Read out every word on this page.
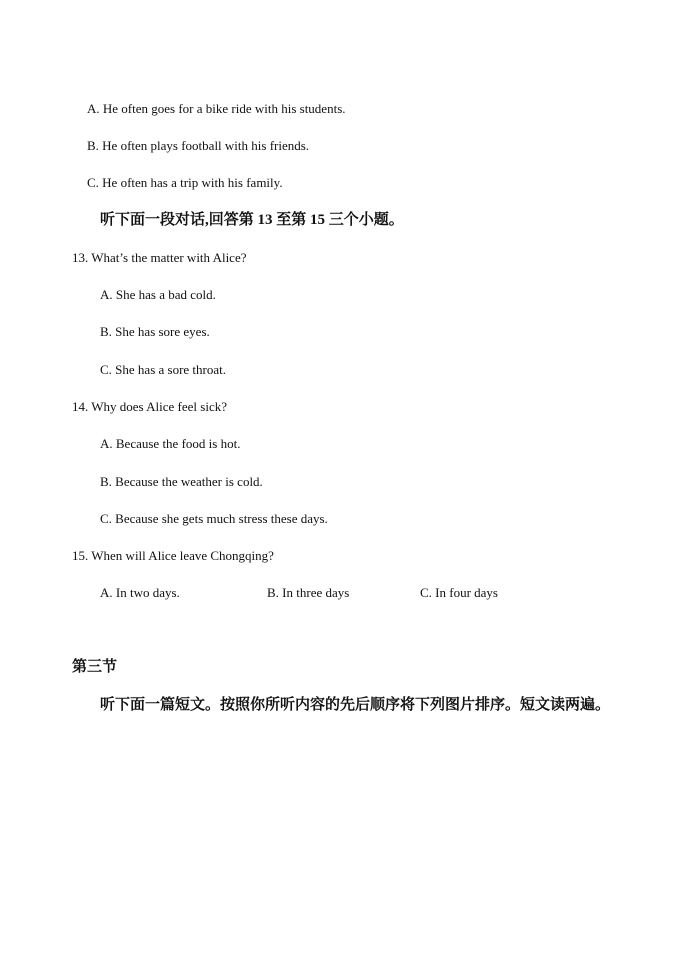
A. He often goes for a bike ride with his students.
B. He often plays football with his friends.
C. He often has a trip with his family.
听下面一段对话,回答第 13 至第 15 三个小题。
13. What’s the matter with Alice?
A. She has a bad cold.
B. She has sore eyes.
C. She has a sore throat.
14. Why does Alice feel sick?
A. Because the food is hot.
B. Because the weather is cold.
C. Because she gets much stress these days.
15. When will Alice leave Chongqing?
A. In two days.	B. In three days	C. In four days
第三节
听下面一篇短文。按照你所听内容的先后顺序将下列图片排序。短文读两遍。
